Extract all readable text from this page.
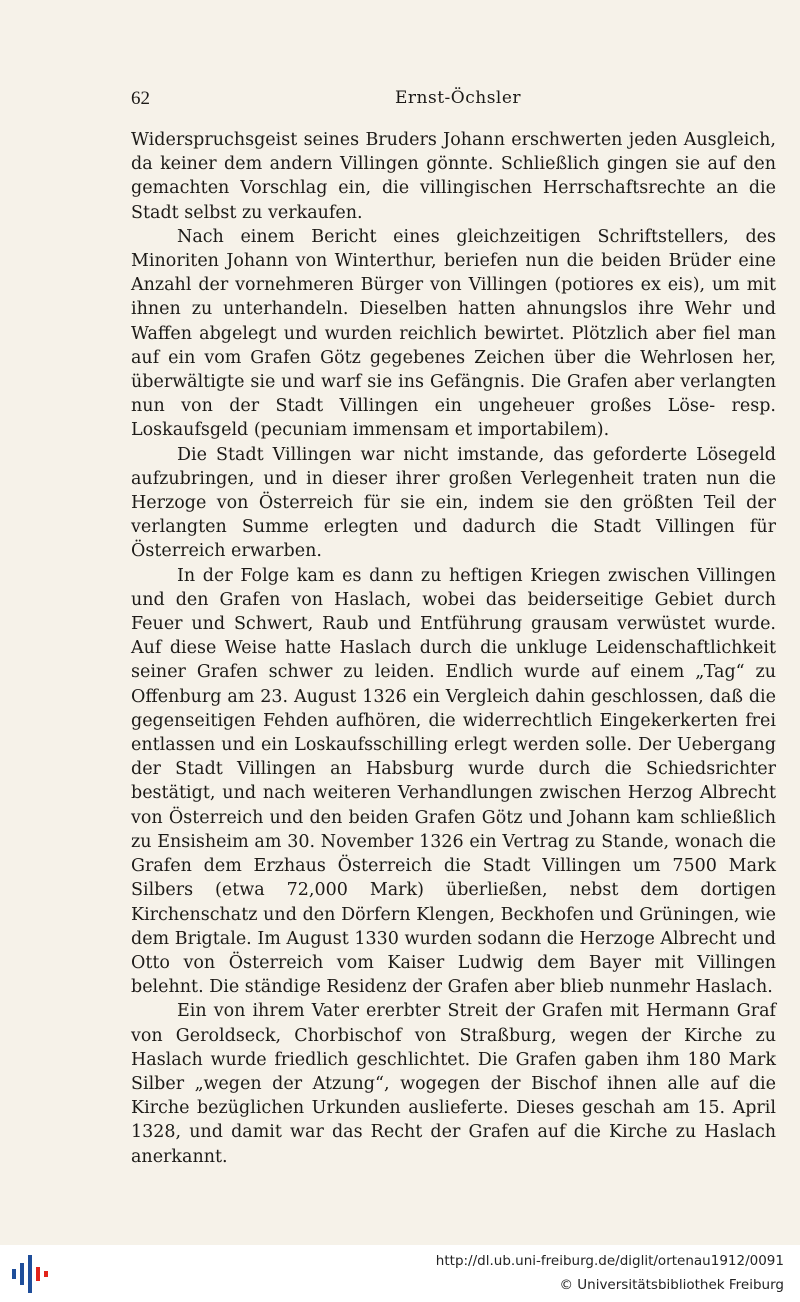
62	Ernst-Öchsler

Widerspruchsgeist seines Bruders Johann erschwerten jeden Ausgleich, da keiner dem andern Villingen gönnte. Schließlich gingen sie auf den gemachten Vorschlag ein, die villingischen Herrschaftsrechte an die Stadt selbst zu verkaufen.

Nach einem Bericht eines gleichzeitigen Schriftstellers, des Minoriten Johann von Winterthur, beriefen nun die beiden Brüder eine Anzahl der vornehmeren Bürger von Villingen (potiores ex eis), um mit ihnen zu unterhandeln. Dieselben hatten ahnungslos ihre Wehr und Waffen abgelegt und wurden reichlich bewirtet. Plötzlich aber fiel man auf ein vom Grafen Götz gegebenes Zeichen über die Wehrlosen her, überwältigte sie und warf sie ins Gefängnis. Die Grafen aber verlangten nun von der Stadt Villingen ein ungeheuer großes Löse- resp. Loskaufsgeld (pecuniam immensam et importabilem).

Die Stadt Villingen war nicht imstande, das geforderte Lösegeld aufzubringen, und in dieser ihrer großen Verlegenheit traten nun die Herzoge von Österreich für sie ein, indem sie den größten Teil der verlangten Summe erlegten und dadurch die Stadt Villingen für Österreich erwarben.

In der Folge kam es dann zu heftigen Kriegen zwischen Villingen und den Grafen von Haslach, wobei das beiderseitige Gebiet durch Feuer und Schwert, Raub und Entführung grausam verwüstet wurde. Auf diese Weise hatte Haslach durch die unkluge Leidenschaftlichkeit seiner Grafen schwer zu leiden. Endlich wurde auf einem „Tag“ zu Offenburg am 23. August 1326 ein Vergleich dahin geschlossen, daß die gegenseitigen Fehden aufhören, die widerrechtlich Eingekerkerten frei entlassen und ein Loskaufsschilling erlegt werden solle. Der Uebergang der Stadt Villingen an Habsburg wurde durch die Schiedsrichter bestätigt, und nach weiteren Verhandlungen zwischen Herzog Albrecht von Österreich und den beiden Grafen Götz und Johann kam schließlich zu Ensisheim am 30. November 1326 ein Vertrag zu Stande, wonach die Grafen dem Erzhaus Österreich die Stadt Villingen um 7500 Mark Silbers (etwa 72,000 Mark) überließen, nebst dem dortigen Kirchenschatz und den Dörfern Klengen, Beckhofen und Grüningen, wie dem Brigtale. Im August 1330 wurden sodann die Herzoge Albrecht und Otto von Österreich vom Kaiser Ludwig dem Bayer mit Villingen belehnt. Die ständige Residenz der Grafen aber blieb nunmehr Haslach.

Ein von ihrem Vater ererbter Streit der Grafen mit Hermann Graf von Geroldseck, Chorbischof von Straßburg, wegen der Kirche zu Haslach wurde friedlich geschlichtet. Die Grafen gaben ihm 180 Mark Silber „wegen der Atzung“, wogegen der Bischof ihnen alle auf die Kirche bezüglichen Urkunden auslieferte. Dieses geschah am 15. April 1328, und damit war das Recht der Grafen auf die Kirche zu Haslach anerkannt.

http://dl.ub.uni-freiburg.de/diglit/ortenau1912/0091
© Universitätsbibliothek Freiburg
